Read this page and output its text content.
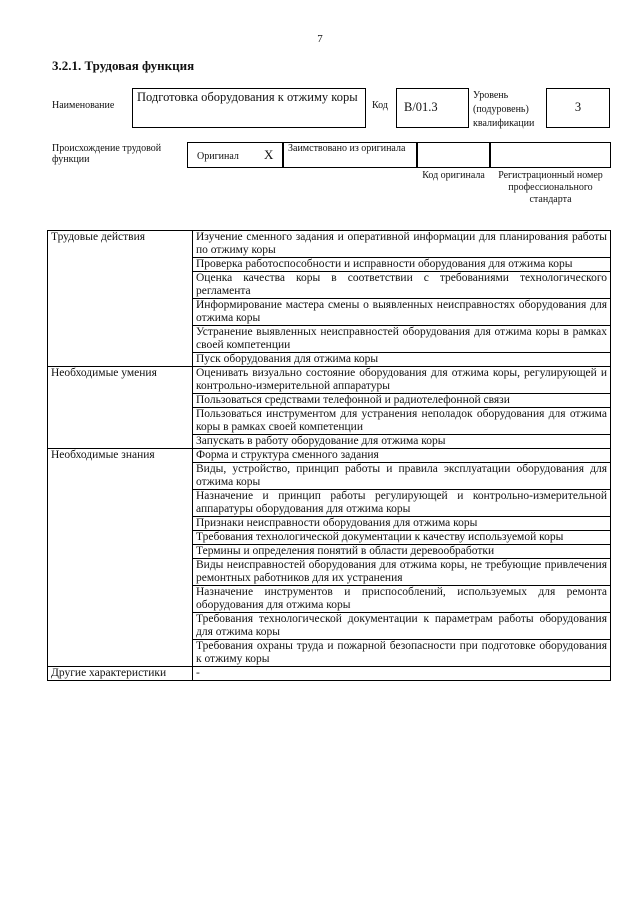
7
3.2.1. Трудовая функция
Наименование
Подготовка оборудования к отжиму коры
Код	B/01.3
Уровень (подуровень) квалификации
3
Происхождение трудовой функции	Оригинал X	Заимствовано из оригинала
Код оригинала	Регистрационный номер профессионального стандарта
Трудовые действия	Изучение сменного задания и оперативной информации для планирования работы по отжиму коры
	Проверка работоспособности и исправности оборудования для отжима коры
	Оценка качества коры в соответствии с требованиями технологического регламента
	Информирование мастера смены о выявленных неисправностях оборудования для отжима коры
	Устранение выявленных неисправностей оборудования для отжима коры в рамках своей компетенции
	Пуск оборудования для отжима коры
Необходимые умения	Оценивать визуально состояние оборудования для отжима коры, регулирующей и контрольно-измерительной аппаратуры
	Пользоваться средствами телефонной и радиотелефонной связи
	Пользоваться инструментом для устранения неполадок оборудования для отжима коры в рамках своей компетенции
	Запускать в работу оборудование для отжима коры
Необходимые знания	Форма и структура сменного задания
	Виды, устройство, принцип работы и правила эксплуатации оборудования для отжима коры
	Назначение и принцип работы регулирующей и контрольно-измерительной аппаратуры оборудования для отжима коры
	Признаки неисправности оборудования для отжима коры
	Требования технологической документации к качеству используемой коры
	Термины и определения понятий в области деревообработки
	Виды неисправностей оборудования для отжима коры, не требующие привлечения ремонтных работников для их устранения
	Назначение инструментов и приспособлений, используемых для ремонта оборудования для отжима коры
	Требования технологической документации к параметрам работы оборудования для отжима коры
	Требования охраны труда и пожарной безопасности при подготовке оборудования к отжиму коры
Другие характеристики	-
